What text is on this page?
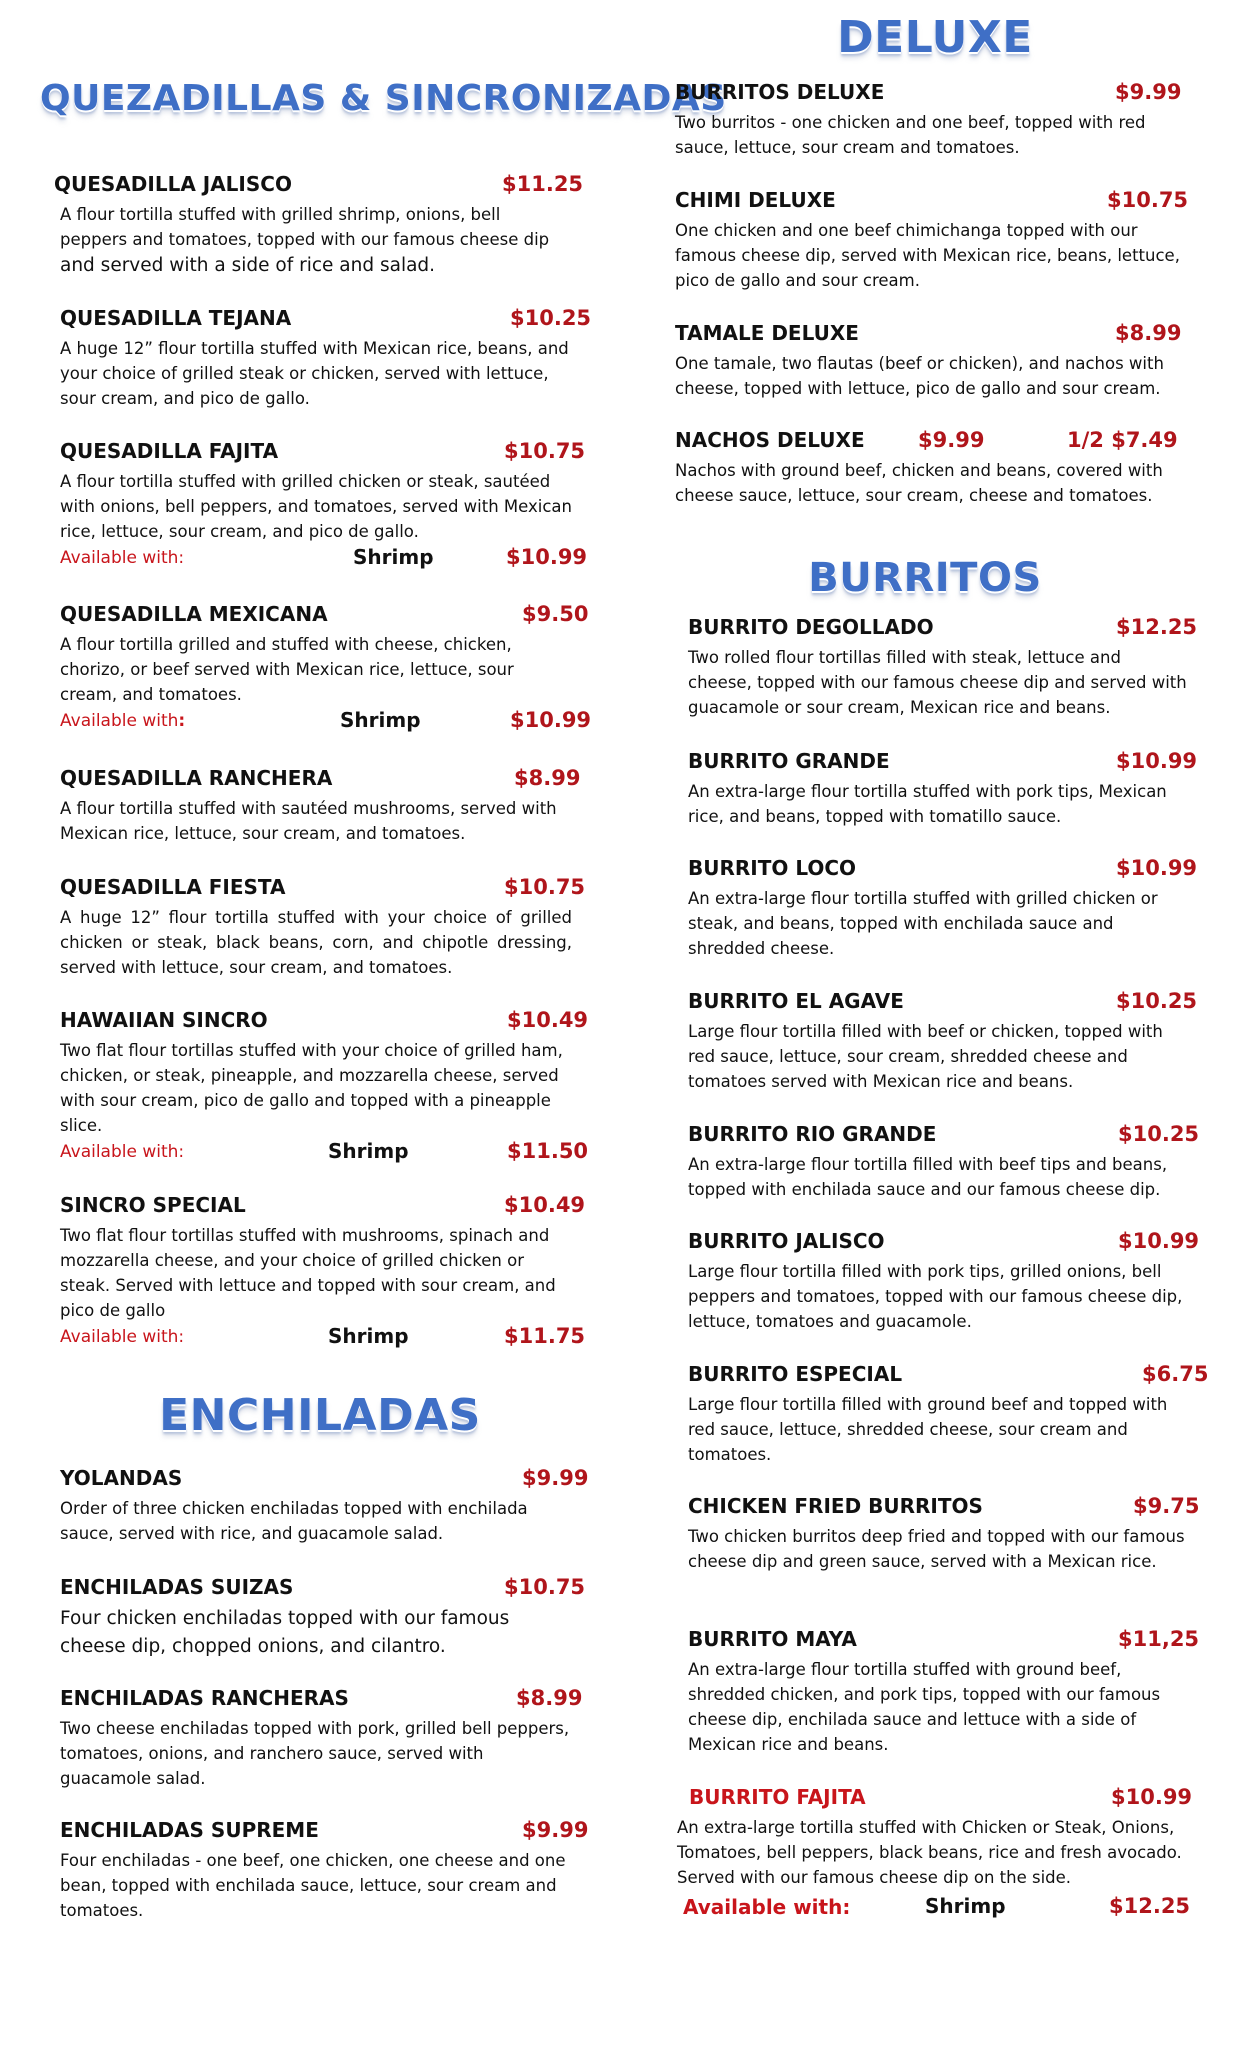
QUEZADILLAS & SINCRONIZADAS
QUESADILLA JALISCO	$11.25

A flour tortilla stuffed with grilled shrimp, onions, bell peppers and tomatoes, topped with our famous cheese dip

and served with a side of rice and salad.

QUESADILLA TEJANA	$10.25

A huge 12” flour tortilla stuffed with Mexican rice, beans, and your choice of grilled steak or chicken, served with lettuce, sour cream, and pico de gallo.

QUESADILLA FAJITA	$10.75

A flour tortilla stuffed with grilled chicken or steak, sautéed with onions, bell peppers, and tomatoes, served with Mexican rice, lettuce, sour cream, and pico de gallo.

Available with:	Shrimp	$10.99
QUESADILLA MEXICANA	$9.50

A flour tortilla grilled and stuffed with cheese, chicken, chorizo, or beef served with Mexican rice, lettuce, sour cream, and tomatoes.

Available with:	Shrimp	$10.99
QUESADILLA RANCHERA	$8.99

A flour tortilla stuffed with sautéed mushrooms, served with Mexican rice, lettuce, sour cream, and tomatoes.

QUESADILLA FIESTA	$10.75

A huge 12” flour tortilla stuffed with your choice of grilled chicken or steak, black beans, corn, and chipotle dressing, served with lettuce, sour cream, and tomatoes.

HAWAIIAN SINCRO	$10.49

Two flat flour tortillas stuffed with your choice of grilled ham, chicken, or steak, pineapple, and mozzarella cheese, served with sour cream, pico de gallo and topped with a pineapple slice.

Available with:	Shrimp	$11.50
SINCRO SPECIAL	$10.49

Two flat flour tortillas stuffed with mushrooms, spinach and mozzarella cheese, and your choice of grilled chicken or steak. Served with lettuce and topped with sour cream, and pico de gallo

Available with:	Shrimp	$11.75
ENCHILADAS
YOLANDAS	$9.99

Order of three chicken enchiladas topped with enchilada sauce, served with rice, and guacamole salad.

ENCHILADAS SUIZAS	$10.75

Four chicken enchiladas topped with our famous cheese dip, chopped onions, and cilantro.

ENCHILADAS RANCHERAS	$8.99

Two cheese enchiladas topped with pork, grilled bell peppers, tomatoes, onions, and ranchero sauce, served with guacamole salad.

ENCHILADAS SUPREME	$9.99

Four enchiladas - one beef, one chicken, one cheese and one bean, topped with enchilada sauce, lettuce, sour cream and tomatoes.

DELUXE
BURRITOS DELUXE	$9.99

Two burritos - one chicken and one beef, topped with red sauce, lettuce, sour cream and tomatoes.

CHIMI DELUXE	$10.75

One chicken and one beef chimichanga topped with our famous cheese dip, served with Mexican rice, beans, lettuce, pico de gallo and sour cream.

TAMALE DELUXE	$8.99

One tamale, two flautas (beef or chicken), and nachos with cheese, topped with lettuce, pico de gallo and sour cream.

NACHOS DELUXE	$9.99	1/2 $7.49

Nachos with ground beef, chicken and beans, covered with cheese sauce, lettuce, sour cream, cheese and tomatoes.

BURRITOS
BURRITO DEGOLLADO	$12.25

Two rolled flour tortillas filled with steak, lettuce and cheese, topped with our famous cheese dip and served with guacamole or sour cream, Mexican rice and beans.

BURRITO GRANDE	$10.99

An extra-large flour tortilla stuffed with pork tips, Mexican rice, and beans, topped with tomatillo sauce.

BURRITO LOCO	$10.99

An extra-large flour tortilla stuffed with grilled chicken or steak, and beans, topped with enchilada sauce and shredded cheese.

BURRITO EL AGAVE	$10.25

Large flour tortilla filled with beef or chicken, topped with red sauce, lettuce, sour cream, shredded cheese and tomatoes served with Mexican rice and beans.

BURRITO RIO GRANDE	$10.25

An extra-large flour tortilla filled with beef tips and beans, topped with enchilada sauce and our famous cheese dip.

BURRITO JALISCO	$10.99

Large flour tortilla filled with pork tips, grilled onions, bell peppers and tomatoes, topped with our famous cheese dip, lettuce, tomatoes and guacamole.

BURRITO ESPECIAL	$6.75

Large flour tortilla filled with ground beef and topped with red sauce, lettuce, shredded cheese, sour cream and tomatoes.

CHICKEN FRIED BURRITOS	$9.75

Two chicken burritos deep fried and topped with our famous cheese dip and green sauce, served with a Mexican rice.

BURRITO MAYA	$11,25

An extra-large flour tortilla stuffed with ground beef, shredded chicken, and pork tips, topped with our famous cheese dip, enchilada sauce and lettuce with a side of Mexican rice and beans.

BURRITO FAJITA	$10.99

An extra-large tortilla stuffed with Chicken or Steak, Onions, Tomatoes, bell peppers, black beans, rice and fresh avocado. Served with our famous cheese dip on the side.

Available with:	Shrimp	$12.25
